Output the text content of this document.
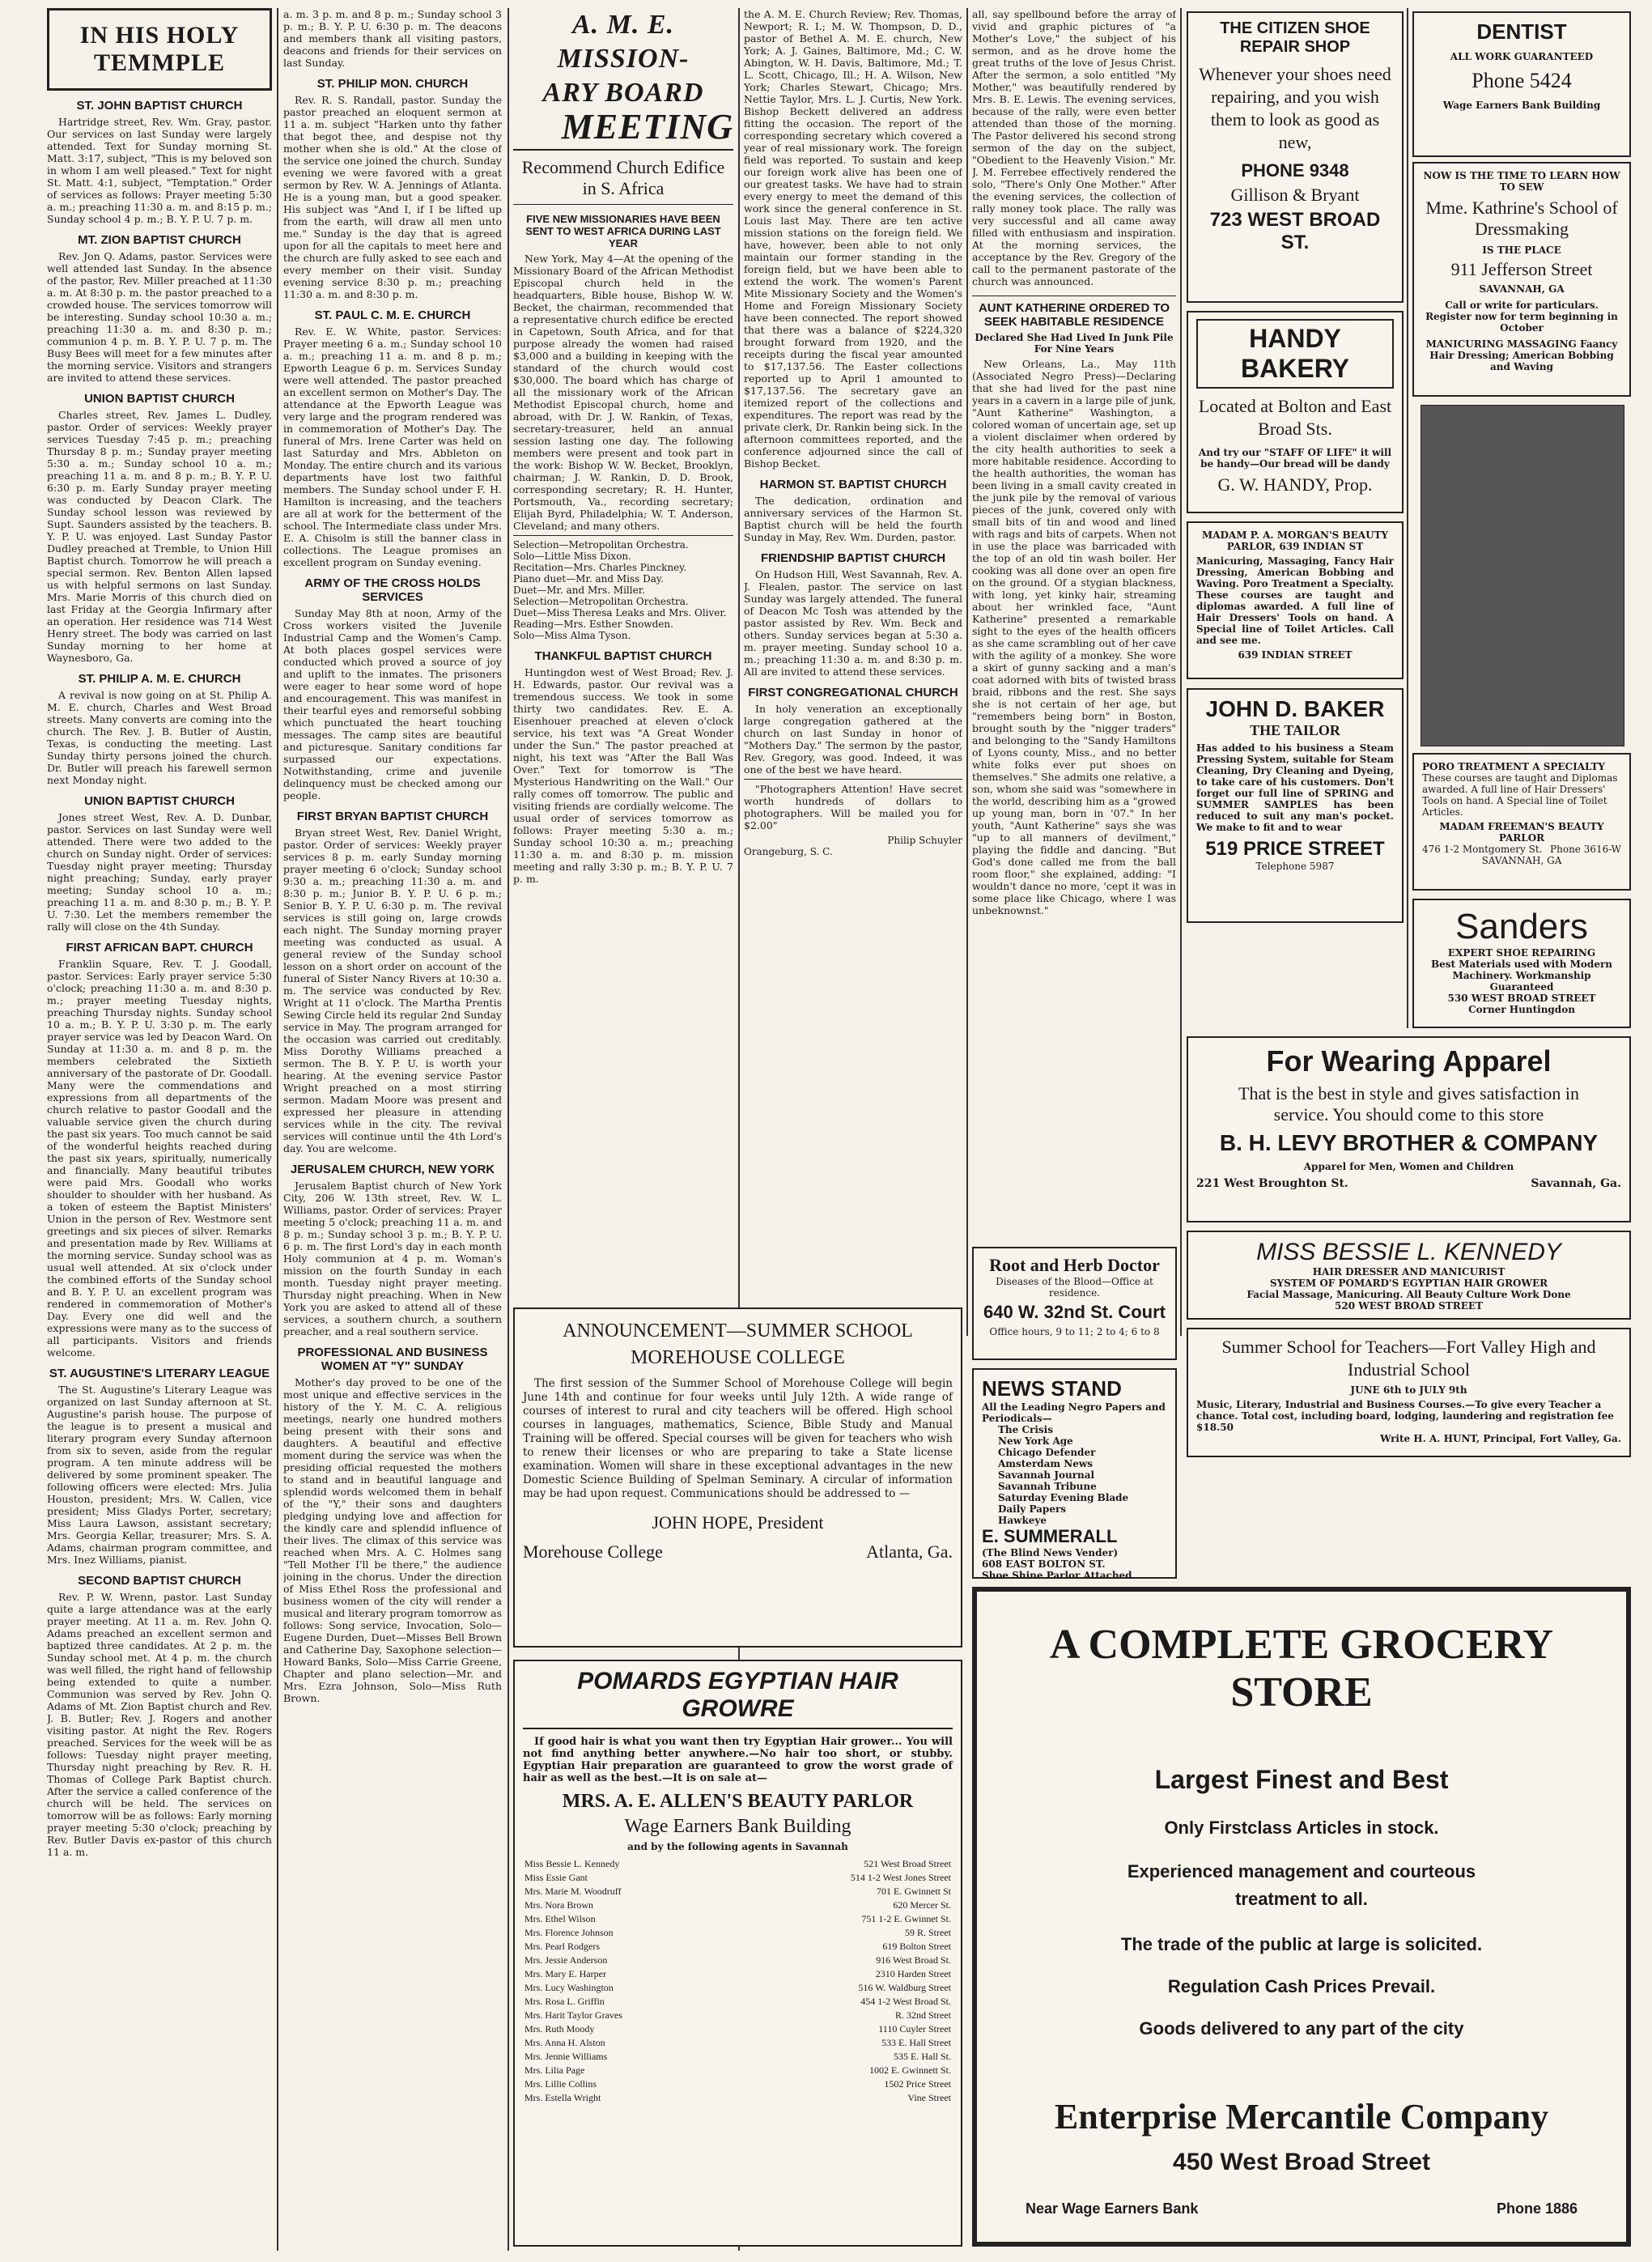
IN HIS HOLY TEMMPLE
ST. JOHN BAPTIST CHURCH

Hartridge street, Rev. Wm. Gray, pastor. Our services on last Sunday were largely attended. Text for Sunday morning St. Matt. 3:17, subject, "This is my beloved son in whom I am well pleased." Text for night St. Matt. 4:1, subject, "Temptation." Order of services as follows: Prayer meeting 5:30 a. m.; preaching 11:30 a. m. and 8:15 p. m.; Sunday school 4 p. m.; B. Y. P. U. 7 p. m.

MT. ZION BAPTIST CHURCH

Rev. Jon Q. Adams, pastor. Services were well attended last Sunday. In the absence of the pastor, Rev. Miller preached at 11:30 a. m. At 8:30 p. m. the pastor preached to a crowded house. The services tomorrow will be interesting. Sunday school 10:30 a. m.; preaching 11:30 a. m. and 8:30 p. m.; communion 4 p. m. B. Y. P. U. 7 p. m. The Busy Bees will meet for a few minutes after the morning service. Visitors and strangers are invited to attend these services.

UNION BAPTIST CHURCH

Charles street, Rev. James L. Dudley, pastor. Order of services: Weekly prayer services Tuesday 7:45 p. m.; preaching Thursday 8 p. m.; Sunday prayer meeting 5:30 a. m.; Sunday school 10 a. m.; preaching 11 a. m. and 8 p. m.; B. Y. P. U. 6:30 p. m. Early Sunday prayer meeting was conducted by Deacon Clark. The Sunday school lesson was reviewed by Supt. Saunders assisted by the teachers. B. Y. P. U. was enjoyed. Last Sunday Pastor Dudley preached at Tremble, to Union Hill Baptist church. Tomorrow he will preach a special sermon. Rev. Benton Allen lapsed us with helpful sermons on last Sunday. Mrs. Marie Morris of this church died on last Friday at the Georgia Infirmary after an operation. Her residence was 714 West Henry street. The body was carried on last Sunday morning to her home at Waynesboro, Ga.

ST. PHILIP A. M. E. CHURCH

A revival is now going on at St. Philip A. M. E. church, Charles and West Broad streets. Many converts are coming into the church. The Rev. J. B. Butler of Austin, Texas, is conducting the meeting. Last Sunday thirty persons joined the church. Dr. Butler will preach his farewell sermon next Monday night.

UNION BAPTIST CHURCH

Jones street West, Rev. A. D. Dunbar, pastor. Services on last Sunday were well attended. There were two added to the church on Sunday night. Order of services: Tuesday night prayer meeting; Thursday night preaching; Sunday, early prayer meeting; Sunday school 10 a. m.; preaching 11 a. m. and 8:30 p. m.; B. Y. P. U. 7:30. Let the members remember the rally will close on the 4th Sunday.

FIRST AFRICAN BAPT. CHURCH

Franklin Square, Rev. T. J. Goodall, pastor. Services: Early prayer service 5:30 o'clock; preaching 11:30 a. m. and 8:30 p. m.; prayer meeting Tuesday nights, preaching Thursday nights. Sunday school 10 a. m.; B. Y. P. U. 3:30 p. m. The early prayer service was led by Deacon Ward. On Sunday at 11:30 a. m. and 8 p. m. the members celebrated the Sixtieth anniversary of the pastorate of Dr. Goodall. Many were the commendations and expressions from all departments of the church relative to pastor Goodall and the valuable service given the church during the past six years. Too much cannot be said of the wonderful heights reached during the past six years, spiritually, numerically and financially. Many beautiful tributes were paid Mrs. Goodall who works shoulder to shoulder with her husband. As a token of esteem the Baptist Ministers' Union in the person of Rev. Westmore sent greetings and six pieces of silver. Remarks and presentation made by Rev. Williams at the morning service. Sunday school was as usual well attended. At six o'clock under the combined efforts of the Sunday school and B. Y. P. U. an excellent program was rendered in commemoration of Mother's Day. Every one did well and the expressions were many as to the success of all participants. Visitors and friends welcome.

ST. AUGUSTINE'S LITERARY LEAGUE

The St. Augustine's Literary League was organized on last Sunday afternoon at St. Augustine's parish house. The purpose of the league is to present a musical and literary program every Sunday afternoon from six to seven, aside from the regular program. A ten minute address will be delivered by some prominent speaker. The following officers were elected: Mrs. Julia Houston, president; Mrs. W. Callen, vice president; Miss Gladys Porter, secretary; Miss Laura Lawson, assistant secretary; Mrs. Georgia Kellar, treasurer; Mrs. S. A. Adams, chairman program committee, and Mrs. Inez Williams, pianist.

SECOND BAPTIST CHURCH

Rev. P. W. Wrenn, pastor. Last Sunday quite a large attendance was at the early prayer meeting. At 11 a. m. Rev. John Q. Adams preached an excellent sermon and baptized three candidates. At 2 p. m. the Sunday school met. At 4 p. m. the church was well filled, the right hand of fellowship being extended to quite a number. Communion was served by Rev. John Q. Adams of Mt. Zion Baptist church and Rev. J. B. Butler; Rev. J. Rogers and another visiting pastor. At night the Rev. Rogers preached. Services for the week will be as follows: Tuesday night prayer meeting, Thursday night preaching by Rev. R. H. Thomas of College Park Baptist church. After the service a called conference of the church will be held. The services on tomorrow will be as follows: Early morning prayer meeting 5:30 o'clock; preaching by Rev. Butler Davis ex-pastor of this church 11 a. m.

a. m. 3 p. m. and 8 p. m.; Sunday school 3 p. m.; B. Y. P. U. 6:30 p. m. The deacons and members thank all visiting pastors, deacons and friends for their services on last Sunday.

ST. PHILIP MON. CHURCH

Rev. R. S. Randall, pastor. Sunday the pastor preached an eloquent sermon at 11 a. m. subject "Harken unto thy father that begot thee, and despise not thy mother when she is old." At the close of the service one joined the church. Sunday evening we were favored with a great sermon by Rev. W. A. Jennings of Atlanta. He is a young man, but a good speaker. His subject was "And I, if I be lifted up from the earth, will draw all men unto me." Sunday is the day that is agreed upon for all the capitals to meet here and the church are fully asked to see each and every member on their visit. Sunday evening service 8:30 p. m.; preaching 11:30 a. m. and 8:30 p. m.

ST. PAUL C. M. E. CHURCH

Rev. E. W. White, pastor. Services: Prayer meeting 6 a. m.; Sunday school 10 a. m.; preaching 11 a. m. and 8 p. m.; Epworth League 6 p. m. Services Sunday were well attended. The pastor preached an excellent sermon on Mother's Day. The attendance at the Epworth League was very large and the program rendered was in commemoration of Mother's Day. The funeral of Mrs. Irene Carter was held on last Saturday and Mrs. Abbleton on Monday. The entire church and its various departments have lost two faithful members. The Sunday school under F. H. Hamilton is increasing, and the teachers are all at work for the betterment of the school. The Intermediate class under Mrs. E. A. Chisolm is still the banner class in collections. The League promises an excellent program on Sunday evening.

ARMY OF THE CROSS HOLDS SERVICES

Sunday May 8th at noon, Army of the Cross workers visited the Juvenile Industrial Camp and the Women's Camp. At both places gospel services were conducted which proved a source of joy and uplift to the inmates. The prisoners were eager to hear some word of hope and encouragement. This was manifest in their tearful eyes and remorseful sobbing which punctuated the heart touching messages. The camp sites are beautiful and picturesque. Sanitary conditions far surpassed our expectations. Notwithstanding, crime and juvenile delinquency must be checked among our people.

FIRST BRYAN BAPTIST CHURCH

Bryan street West, Rev. Daniel Wright, pastor. Order of services: Weekly prayer services 8 p. m. early Sunday morning prayer meeting 6 o'clock; Sunday school 9:30 a. m.; preaching 11:30 a. m. and 8:30 p. m.; Junior B. Y. P. U. 6 p. m.; Senior B. Y. P. U. 6:30 p. m. The revival services is still going on, large crowds each night. The Sunday morning prayer meeting was conducted as usual. A general review of the Sunday school lesson on a short order on account of the funeral of Sister Nancy Rivers at 10:30 a. m. The service was conducted by Rev. Wright at 11 o'clock. The Martha Prentis Sewing Circle held its regular 2nd Sunday service in May. The program arranged for the occasion was carried out creditably. Miss Dorothy Williams preached a sermon. The B. Y. P. U. is worth your hearing. At the evening service Pastor Wright preached on a most stirring sermon. Madam Moore was present and expressed her pleasure in attending services while in the city. The revival services will continue until the 4th Lord's day. You are welcome.

JERUSALEM CHURCH, NEW YORK

Jerusalem Baptist church of New York City, 206 W. 13th street, Rev. W. L. Williams, pastor. Order of services: Prayer meeting 5 o'clock; preaching 11 a. m. and 8 p. m.; Sunday school 3 p. m.; B. Y. P. U. 6 p. m. The first Lord's day in each month Holy communion at 4 p. m. Woman's mission on the fourth Sunday in each month. Tuesday night prayer meeting. Thursday night preaching. When in New York you are asked to attend all of these services, a southern church, a southern preacher, and a real southern service.

PROFESSIONAL AND BUSINESS WOMEN AT "Y" SUNDAY

Mother's day proved to be one of the most unique and effective services in the history of the Y. M. C. A. religious meetings, nearly one hundred mothers being present with their sons and daughters. A beautiful and effective moment during the service was when the presiding official requested the mothers to stand and in beautiful language and splendid words welcomed them in behalf of the "Y," their sons and daughters pledging undying love and affection for the kindly care and splendid influence of their lives. The climax of this service was reached when Mrs. A. C. Holmes sang "Tell Mother I'll be there," the audience joining in the chorus. Under the direction of Miss Ethel Ross the professional and business women of the city will render a musical and literary program tomorrow as follows: Song service, Invocation, Solo—Eugene Durden, Duet—Misses Bell Brown and Catherine Day, Saxophone selection—Howard Banks, Solo—Miss Carrie Greene, Chapter and plano selection—Mr. and Mrs. Ezra Johnson, Solo—Miss Ruth Brown.

A. M. E. MISSION-
ARY BOARD
MEETING
Recommend Church Edifice in S. Africa
FIVE NEW MISSIONARIES HAVE BEEN SENT TO WEST AFRICA DURING LAST YEAR

New York, May 4—At the opening of the Missionary Board of the African Methodist Episcopal church held in the headquarters, Bible house, Bishop W. W. Becket, the chairman, recommended that a representative church edifice be erected in Capetown, South Africa, and for that purpose already the women had raised $3,000 and a building in keeping with the standard of the church would cost $30,000. The board which has charge of all the missionary work of the African Methodist Episcopal church, home and abroad, with Dr. J. W. Rankin, of Texas, secretary-treasurer, held an annual session lasting one day. The following members were present and took part in the work: Bishop W. W. Becket, Brooklyn, chairman; J. W. Rankin, D. D. Brook, corresponding secretary; R. H. Hunter, Portsmouth, Va., recording secretary; Elijah Byrd, Philadelphia; W. T. Anderson, Cleveland; and many others.

Selection—Metropolitan Orchestra.
Solo—Little Miss Dixon.
Recitation—Mrs. Charles Pinckney.
Piano duet—Mr. and Miss Day.
Duet—Mr. and Mrs. Miller.
Selection—Metropolitan Orchestra.
Duet—Miss Theresa Leaks and Mrs. Oliver.
Reading—Mrs. Esther Snowden.
Solo—Miss Alma Tyson.
THANKFUL BAPTIST CHURCH

Huntingdon west of West Broad; Rev. J. H. Edwards, pastor. Our revival was a tremendous success. We took in some thirty two candidates. Rev. E. A. Eisenhouer preached at eleven o'clock service, his text was "A Great Wonder under the Sun." The pastor preached at night, his text was "After the Ball Was Over." Text for tomorrow is "The Mysterious Handwriting on the Wall." Our rally comes off tomorrow. The public and visiting friends are cordially welcome. The usual order of services tomorrow as follows: Prayer meeting 5:30 a. m.; Sunday school 10:30 a. m.; preaching 11:30 a. m. and 8:30 p. m. mission meeting and rally 3:30 p. m.; B. Y. P. U. 7 p. m.

the A. M. E. Church Review; Rev. Thomas, Newport; R. I.; M. W. Thompson, D. D., pastor of Bethel A. M. E. church, New York; A. J. Gaines, Baltimore, Md.; C. W. Abington, W. H. Davis, Baltimore, Md.; T. L. Scott, Chicago, Ill.; H. A. Wilson, New York; Charles Stewart, Chicago; Mrs. Nettie Taylor, Mrs. L. J. Curtis, New York. Bishop Beckett delivered an address fitting the occasion. The report of the corresponding secretary which covered a year of real missionary work. The foreign field was reported. To sustain and keep our foreign work alive has been one of our greatest tasks. We have had to strain every energy to meet the demand of this work since the general conference in St. Louis last May. There are ten active mission stations on the foreign field. We have, however, been able to not only maintain our former standing in the foreign field, but we have been able to extend the work. The women's Parent Mite Missionary Society and the Women's Home and Foreign Missionary Society have been connected. The report showed that there was a balance of $224,320 brought forward from 1920, and the receipts during the fiscal year amounted to $17,137.56. The Easter collections reported up to April 1 amounted to $17,137.56. The secretary gave an itemized report of the collections and expenditures. The report was read by the private clerk, Dr. Rankin being sick. In the afternoon committees reported, and the conference adjourned since the call of Bishop Becket.

HARMON ST. BAPTIST CHURCH

The dedication, ordination and anniversary services of the Harmon St. Baptist church will be held the fourth Sunday in May, Rev. Wm. Durden, pastor.

FRIENDSHIP BAPTIST CHURCH

On Hudson Hill, West Savannah, Rev. A. J. Flealen, pastor. The service on last Sunday was largely attended. The funeral of Deacon Mc Tosh was attended by the pastor assisted by Rev. Wm. Beck and others. Sunday services began at 5:30 a. m. prayer meeting. Sunday school 10 a. m.; preaching 11:30 a. m. and 8:30 p. m. All are invited to attend these services.

FIRST CONGREGATIONAL CHURCH

In holy veneration an exceptionally large congregation gathered at the church on last Sunday in honor of "Mothers Day." The sermon by the pastor, Rev. Gregory, was good. Indeed, it was one of the best we have heard.

"Photographers Attention! Have secret worth hundreds of dollars to photographers. Will be mailed you for $2.00"

Philip Schuyler
Orangeburg, S. C.

all, say spellbound before the array of vivid and graphic pictures of "a Mother's Love," the subject of his sermon, and as he drove home the great truths of the love of Jesus Christ. After the sermon, a solo entitled "My Mother," was beautifully rendered by Mrs. B. E. Lewis. The evening services, because of the rally, were even better attended than those of the morning. The Pastor delivered his second strong sermon of the day on the subject, "Obedient to the Heavenly Vision." Mr. J. M. Ferrebee effectively rendered the solo, "There's Only One Mother." After the evening services, the collection of rally money took place. The rally was very successful and all came away filled with enthusiasm and inspiration. At the morning services, the acceptance by the Rev. Gregory of the call to the permanent pastorate of the church was announced.

AUNT KATHERINE ORDERED TO SEEK HABITABLE RESIDENCE
Declared She Had Lived In Junk Pile For Nine Years

New Orleans, La., May 11th (Associated Negro Press)—Declaring that she had lived for the past nine years in a cavern in a large pile of junk, "Aunt Katherine" Washington, a colored woman of uncertain age, set up a violent disclaimer when ordered by the city health authorities to seek a more habitable residence. According to the health authorities, the woman has been living in a small cavity created in the junk pile by the removal of various pieces of the junk, covered only with small bits of tin and wood and lined with rags and bits of carpets. When not in use the place was barricaded with the top of an old tin wash boiler. Her cooking was all done over an open fire on the ground. Of a stygian blackness, with long, yet kinky hair, streaming about her wrinkled face, "Aunt Katherine" presented a remarkable sight to the eyes of the health officers as she came scrambling out of her cave with the agility of a monkey. She wore a skirt of gunny sacking and a man's coat adorned with bits of twisted brass braid, ribbons and the rest. She says she is not certain of her age, but "remembers being born" in Boston, brought south by the "nigger traders" and belonging to the "Sandy Hamiltons of Lyons county, Miss., and no better white folks ever put shoes on themselves." She admits one relative, a son, whom she said was "somewhere in the world, describing him as a "growed up young man, born in '07." In her youth, "Aunt Katherine" says she was "up to all manners of devilment," playing the fiddle and dancing. "But God's done called me from the ball room floor," she explained, adding: "I wouldn't dance no more, 'cept it was in some place like Chicago, where I was unbeknownst."

ANNOUNCEMENT—SUMMER SCHOOL
MOREHOUSE COLLEGE

The first session of the Summer School of Morehouse College will begin June 14th and continue for four weeks until July 12th. A wide range of courses of interest to rural and city teachers will be offered. High school courses in languages, mathematics, Science, Bible Study and Manual Training will be offered. Special courses will be given for teachers who wish to renew their licenses or who are preparing to take a State license examination. Women will share in these exceptional advantages in the new Domestic Science Building of Spelman Seminary. A circular of information may be had upon request. Communications should be addressed to —

JOHN HOPE, President
Morehouse College	Atlanta, Ga.
POMARDS EGYPTIAN HAIR GROWRE

If good hair is what you want then try Egyptian Hair grower... You will not find anything better anywhere.—No hair too short, or stubby. Egyptian Hair preparation are guaranteed to grow the worst grade of hair as well as the best.—It is on sale at—

MRS. A. E. ALLEN'S BEAUTY PARLOR
Wage Earners Bank Building
and by the following agents in Savannah
Miss Bessie L. Kennedy	521 West Broad Street
Miss Essie Gant	514 1-2 West Jones Street
Mrs. Marie M. Woodruff	701 E. Gwinnett St
Mrs. Nora Brown	620 Mercer St.
Mrs. Ethel Wilson	751 1-2 E. Gwinnet St.
Mrs. Florence Johnson	59 R. Street
Mrs. Pearl Rodgers	619 Bolton Street
Mrs. Jessie Anderson	916 West Broad St.
Mrs. Mary E. Harper	2310 Harden Street
Mrs. Lucy Washington	516 W. Waldburg Street
Mrs. Rosa L. Griffin	454 1-2 West Broad St.
Mrs. Harit Taylor Graves	R. 32nd Street
Mrs. Ruth Moody	1110 Cuyler Street
Mrs. Anna H. Alston	533 E. Hall Street
Mrs. Jennie Williams	535 E. Hall St.
Mrs. Lilia Page	1002 E. Gwinnett St.
Mrs. Lillie Collins	1502 Price Street
Mrs. Estella Wright	Vine Street
THE CITIZEN SHOE REPAIR SHOP
Whenever your shoes need repairing, and you wish them to look as good as new,
PHONE 9348
Gillison & Bryant
723 WEST BROAD ST.
DENTIST
ALL WORK GUARANTEED
Phone 5424
Wage Earners Bank Building
NOW IS THE TIME TO LEARN HOW TO SEW
Mme. Kathrine's School of Dressmaking
IS THE PLACE
911 Jefferson Street
SAVANNAH, GA
Call or write for particulars. Register now for term beginning in October
MANICURING MASSAGING Faancy Hair Dressing; American Bobbing and Waving
HANDY BAKERY
Located at Bolton and East Broad Sts.
And try our "STAFF OF LIFE" it will be handy—Our bread will be dandy
G. W. HANDY, Prop.
MADAM P. A. MORGAN'S BEAUTY PARLOR, 639 INDIAN ST
Manicuring, Massaging, Fancy Hair Dressing, American Bobbing and Waving. Poro Treatment a Specialty. These courses are taught and diplomas awarded. A full line of Hair Dressers' Tools on hand. A Special line of Toilet Articles. Call and see me.
639 INDIAN STREET
PORO TREATMENT A SPECIALTY
These courses are taught and Diplomas awarded. A full line of Hair Dressers' Tools on hand. A Special line of Toilet Articles.
MADAM FREEMAN'S BEAUTY PARLOR
476 1-2 Montgomery St. Phone 3616-W
SAVANNAH, GA
JOHN D. BAKER
THE TAILOR
Has added to his business a Steam Pressing System, suitable for Steam Cleaning, Dry Cleaning and Dyeing, to take care of his customers. Don't forget our full line of SPRING and SUMMER SAMPLES has been reduced to suit any man's pocket. We make to fit and to wear
519 PRICE STREET
Telephone 5987
Sanders
EXPERT SHOE REPAIRING
Best Materials used with Modern Machinery. Workmanship Guaranteed
530 WEST BROAD STREET
Corner Huntingdon
For Wearing Apparel
That is the best in style and gives satisfaction in service. You should come to this store
B. H. LEVY BROTHER & COMPANY
Apparel for Men, Women and Children
221 West Broughton St.	Savannah, Ga.
Root and Herb Doctor
Diseases of the Blood—Office at residence.
640 W. 32nd St. Court
Office hours, 9 to 11; 2 to 4; 6 to 8
MISS BESSIE L. KENNEDY
HAIR DRESSER AND MANICURIST
SYSTEM OF POMARD'S EGYPTIAN HAIR GROWER
Facial Massage, Manicuring. All Beauty Culture Work Done
520 WEST BROAD STREET
NEWS STAND
All the Leading Negro Papers and Periodicals—
The Crisis
New York Age
Chicago Defender
Amsterdam News
Savannah Journal
Savannah Tribune
Saturday Evening Blade
Daily Papers
Hawkeye
E. SUMMERALL
(The Blind News Vender)
608 EAST BOLTON ST.
Shoe Shine Parlor Attached
Summer School for Teachers—Fort Valley High and Industrial School
JUNE 6th to JULY 9th
Music, Literary, Industrial and Business Courses.—To give every Teacher a chance. Total cost, including board, lodging, laundering and registration fee $18.50
Write H. A. HUNT, Principal, Fort Valley, Ga.
A COMPLETE GROCERY STORE
Largest Finest and Best
Only Firstclass Articles in stock.
Experienced management and courteous treatment to all.
The trade of the public at large is solicited.
Regulation Cash Prices Prevail.
Goods delivered to any part of the city
Enterprise Mercantile Company
450 West Broad Street
Near Wage Earners Bank	Phone 1886
